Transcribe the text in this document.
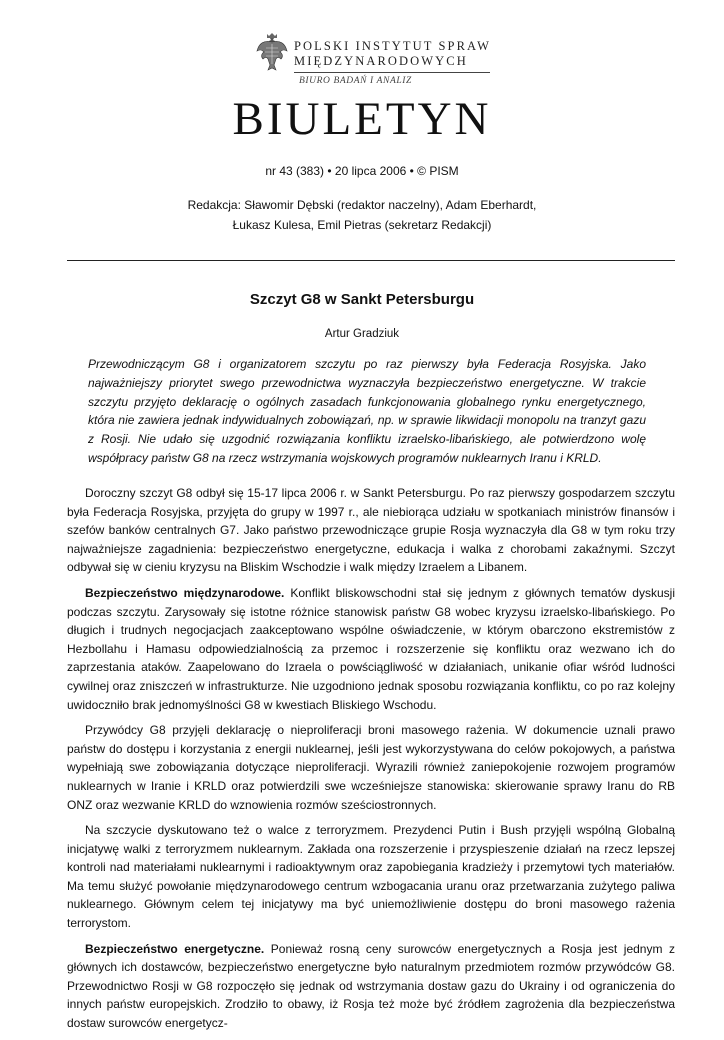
POLSKI INSTYTUT SPRAW
MIĘDZYNARODOWYCH
BIURO BADAŃ I ANALIZ
BIULETYN
nr 43 (383) • 20 lipca 2006 • © PISM
Redakcja: Sławomir Dębski (redaktor naczelny), Adam Eberhardt,
Łukasz Kulesa, Emil Pietras (sekretarz Redakcji)
Szczyt G8 w Sankt Petersburgu
Artur Gradziuk
Przewodniczącym G8 i organizatorem szczytu po raz pierwszy była Federacja Rosyjska. Jako najważniejszy priorytet swego przewodnictwa wyznaczyła bezpieczeństwo energetyczne. W trakcie szczytu przyjęto deklarację o ogólnych zasadach funkcjonowania globalnego rynku energetycznego, która nie zawiera jednak indywidualnych zobowiązań, np. w sprawie likwidacji monopolu na tranzyt gazu z Rosji. Nie udało się uzgodnić rozwiązania konfliktu izraelsko-libańskiego, ale potwierdzono wolę współpracy państw G8 na rzecz wstrzymania wojskowych programów nuklearnych Iranu i KRLD.

Doroczny szczyt G8 odbył się 15-17 lipca 2006 r. w Sankt Petersburgu. Po raz pierwszy gospodarzem szczytu była Federacja Rosyjska, przyjęta do grupy w 1997 r., ale niebiorąca udziału w spotkaniach ministrów finansów i szefów banków centralnych G7. Jako państwo przewodniczące grupie Rosja wyznaczyła dla G8 w tym roku trzy najważniejsze zagadnienia: bezpieczeństwo energetyczne, edukacja i walka z chorobami zakaźnymi. Szczyt odbywał się w cieniu kryzysu na Bliskim Wschodzie i walk między Izraelem a Libanem.

Bezpieczeństwo międzynarodowe. Konflikt bliskowschodni stał się jednym z głównych tematów dyskusji podczas szczytu. Zarysowały się istotne różnice stanowisk państw G8 wobec kryzysu izraelsko-libańskiego. Po długich i trudnych negocjacjach zaakceptowano wspólne oświadczenie, w którym obarczono ekstremistów z Hezbollahu i Hamasu odpowiedzialnością za przemoc i rozszerzenie się konfliktu oraz wezwano ich do zaprzestania ataków. Zaapelowano do Izraela o powściągliwość w działaniach, unikanie ofiar wśród ludności cywilnej oraz zniszczeń w infrastrukturze. Nie uzgodniono jednak sposobu rozwiązania konfliktu, co po raz kolejny uwidoczniło brak jednomyślności G8 w kwestiach Bliskiego Wschodu.

Przywódcy G8 przyjęli deklarację o nieproliferacji broni masowego rażenia. W dokumencie uznali prawo państw do dostępu i korzystania z energii nuklearnej, jeśli jest wykorzystywana do celów pokojowych, a państwa wypełniają swe zobowiązania dotyczące nieproliferacji. Wyrazili również zaniepokojenie rozwojem programów nuklearnych w Iranie i KRLD oraz potwierdzili swe wcześniejsze stanowiska: skierowanie sprawy Iranu do RB ONZ oraz wezwanie KRLD do wznowienia rozmów sześciostronnych.

Na szczycie dyskutowano też o walce z terroryzmem. Prezydenci Putin i Bush przyjęli wspólną Globalną inicjatywę walki z terroryzmem nuklearnym. Zakłada ona rozszerzenie i przyspieszenie działań na rzecz lepszej kontroli nad materiałami nuklearnymi i radioaktywnym oraz zapobiegania kradzieży i przemytowi tych materiałów. Ma temu służyć powołanie międzynarodowego centrum wzbogacania uranu oraz przetwarzania zużytego paliwa nuklearnego. Głównym celem tej inicjatywy ma być uniemożliwienie dostępu do broni masowego rażenia terrorystom.

Bezpieczeństwo energetyczne. Ponieważ rosną ceny surowców energetycznych a Rosja jest jednym z głównych ich dostawców, bezpieczeństwo energetyczne było naturalnym przedmiotem rozmów przywódców G8. Przewodnictwo Rosji w G8 rozpoczęło się jednak od wstrzymania dostaw gazu do Ukrainy i od ograniczenia do innych państw europejskich. Zrodziło to obawy, iż Rosja też może być źródłem zagrożenia dla bezpieczeństwa dostaw surowców energetycz-
